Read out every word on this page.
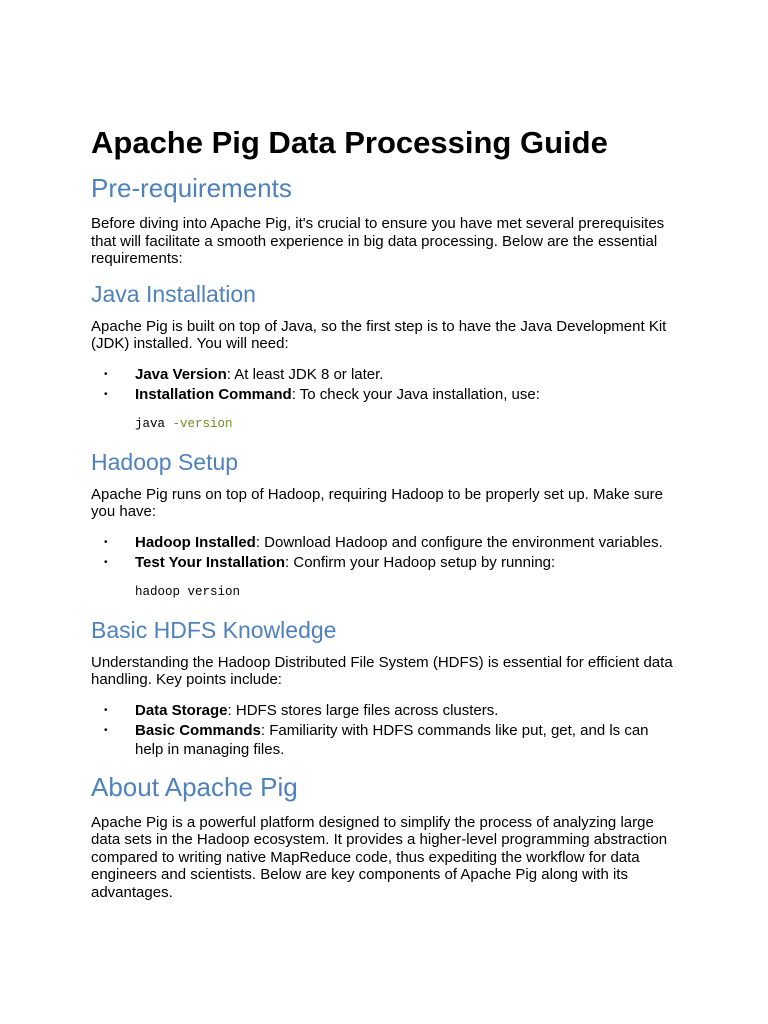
Apache Pig Data Processing Guide
Pre-requirements

Before diving into Apache Pig, it's crucial to ensure you have met several prerequisites that will facilitate a smooth experience in big data processing. Below are the essential requirements:

Java Installation

Apache Pig is built on top of Java, so the first step is to have the Java Development Kit (JDK) installed. You will need:

• Java Version: At least JDK 8 or later.
• Installation Command: To check your Java installation, use:
java -version
Hadoop Setup

Apache Pig runs on top of Hadoop, requiring Hadoop to be properly set up. Make sure you have:

• Hadoop Installed: Download Hadoop and configure the environment variables.
• Test Your Installation: Confirm your Hadoop setup by running:
hadoop version
Basic HDFS Knowledge

Understanding the Hadoop Distributed File System (HDFS) is essential for efficient data handling. Key points include:

• Data Storage: HDFS stores large files across clusters.
• Basic Commands: Familiarity with HDFS commands like put, get, and ls can help in managing files.
About Apache Pig

Apache Pig is a powerful platform designed to simplify the process of analyzing large data sets in the Hadoop ecosystem. It provides a higher-level programming abstraction compared to writing native MapReduce code, thus expediting the workflow for data engineers and scientists. Below are key components of Apache Pig along with its advantages.
